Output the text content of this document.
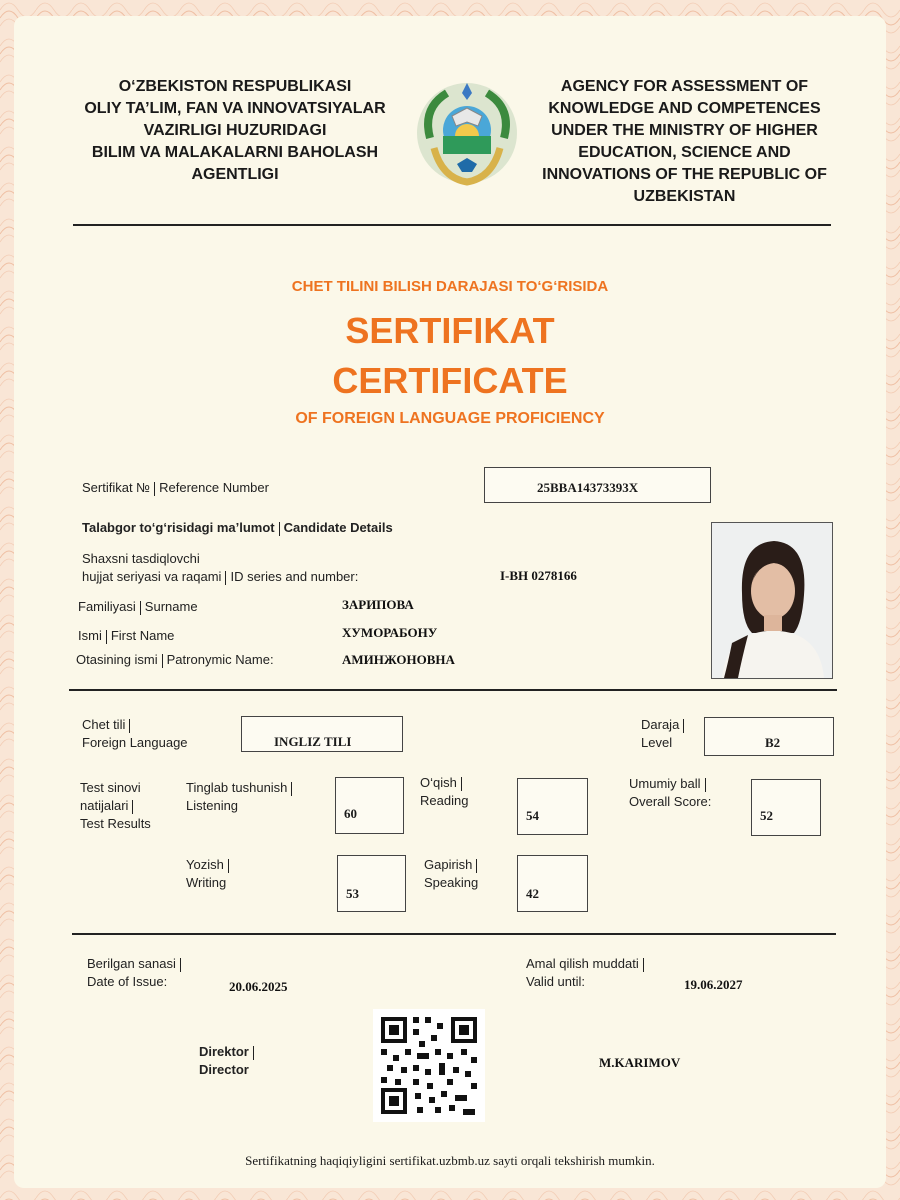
O‘ZBEKISTON RESPUBLIKASI
OLIY TA’LIM, FAN VA INNOVATSIYALAR
VAZIRLIGI HUZURIDAGI
BILIM VA MALAKALARNI BAHOLASH
AGENTLIGI
AGENCY FOR ASSESSMENT OF
KNOWLEDGE AND COMPETENCES
UNDER THE MINISTRY OF HIGHER
EDUCATION, SCIENCE AND
INNOVATIONS OF THE REPUBLIC OF
UZBEKISTAN
CHET TILINI BILISH DARAJASI TO‘G‘RISIDA
SERTIFIKAT
CERTIFICATE
OF FOREIGN LANGUAGE PROFICIENCY
Sertifikat № Reference Number	25BBA14373393X
Talabgor to‘g‘risidagi ma’lumot Candidate Details
Shaxsni tasdiqlovchi
hujjat seriyasi va raqami ID series and number:	I-BH 0278166
Familiyasi Surname	ЗАРИПОВА
Ismi First Name	ХУМОРАБОНУ
Otasining ismi Patronymic Name:	АМИНЖОНОВНА
Chet tili
Foreign Language	INGLIZ TILI
Daraja
Level	B2
Test sinovi
natijalari
Test Results
Tinglab tushunish
Listening
60
O‘qish
Reading
54
Umumiy ball
Overall Score:
52
Yozish
Writing
53
Gapirish
Speaking
42
Berilgan sanasi
Date of Issue:	20.06.2025
Amal qilish muddati
Valid until:	19.06.2027
Direktor
Director	M.KARIMOV
Sertifikatning haqiqiyligini sertifikat.uzbmb.uz sayti orqali tekshirish mumkin.
